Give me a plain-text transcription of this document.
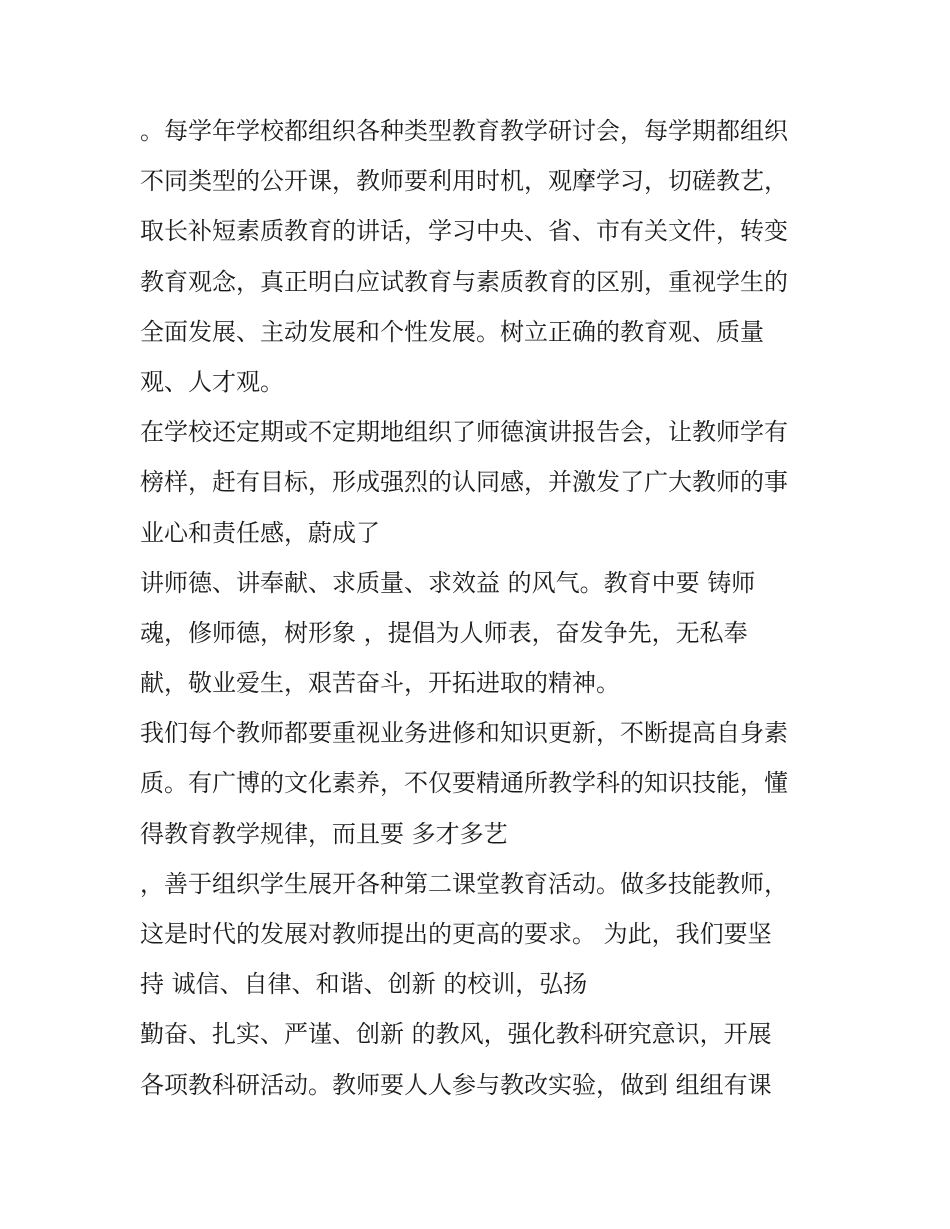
。每学年学校都组织各种类型教育教学研讨会，每学期都组织
不同类型的公开课，教师要利用时机，观摩学习，切磋教艺，
取长补短素质教育的讲话，学习中央、省、市有关文件，转变
教育观念，真正明白应试教育与素质教育的区别，重视学生的
全面发展、主动发展和个性发展。树立正确的教育观、质量
观、人才观。
在学校还定期或不定期地组织了师德演讲报告会，让教师学有
榜样，赶有目标，形成强烈的认同感，并激发了广大教师的事
业心和责任感，蔚成了
讲师德、讲奉献、求质量、求效益 的风气。教育中要 铸师
魂，修师德，树形象 ，提倡为人师表，奋发争先，无私奉
献，敬业爱生，艰苦奋斗，开拓进取的精神。
我们每个教师都要重视业务进修和知识更新，不断提高自身素
质。有广博的文化素养，不仅要精通所教学科的知识技能，懂
得教育教学规律，而且要 多才多艺
，善于组织学生展开各种第二课堂教育活动。做多技能教师，
这是时代的发展对教师提出的更高的要求。 为此，我们要坚
持 诚信、自律、和谐、创新 的校训，弘扬
勤奋、扎实、严谨、创新 的教风，强化教科研究意识，开展
各项教科研活动。教师要人人参与教改实验，做到 组组有课
